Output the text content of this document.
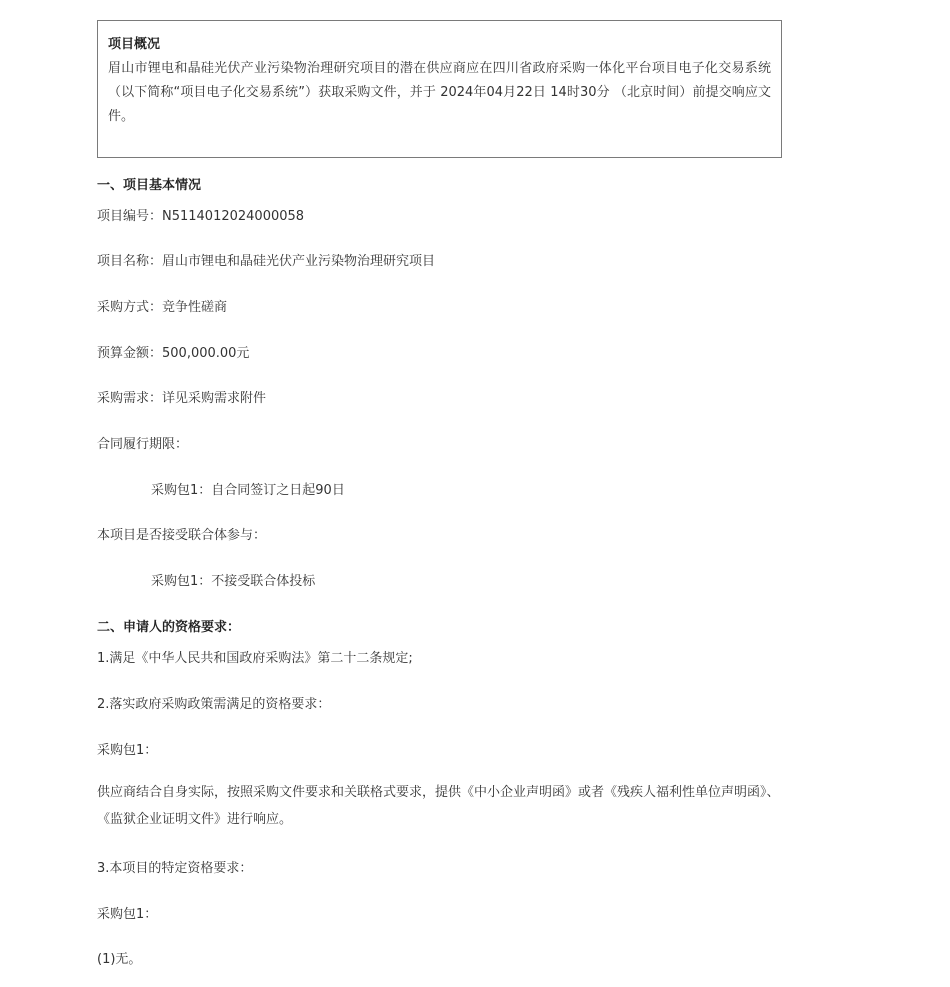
项目概况

眉山市锂电和晶硅光伏产业污染物治理研究项目的潜在供应商应在四川省政府采购一体化平台项目电子化交易系统（以下简称“项目电子化交易系统”）获取采购文件，并于 2024年04月22日 14时30分 （北京时间）前提交响应文件。

一、项目基本情况
项目编号：N5114012024000058
项目名称：眉山市锂电和晶硅光伏产业污染物治理研究项目
采购方式：竞争性磋商
预算金额：500,000.00元
采购需求：详见采购需求附件
合同履行期限：
采购包1：自合同签订之日起90日
本项目是否接受联合体参与：
采购包1：不接受联合体投标
二、申请人的资格要求：
1.满足《中华人民共和国政府采购法》第二十二条规定;
2.落实政府采购政策需满足的资格要求：
采购包1：
供应商结合自身实际，按照采购文件要求和关联格式要求，提供《中小企业声明函》或者《残疾人福利性单位声明函》、《监狱企业证明文件》进行响应。
3.本项目的特定资格要求：
采购包1：
(1)无。
